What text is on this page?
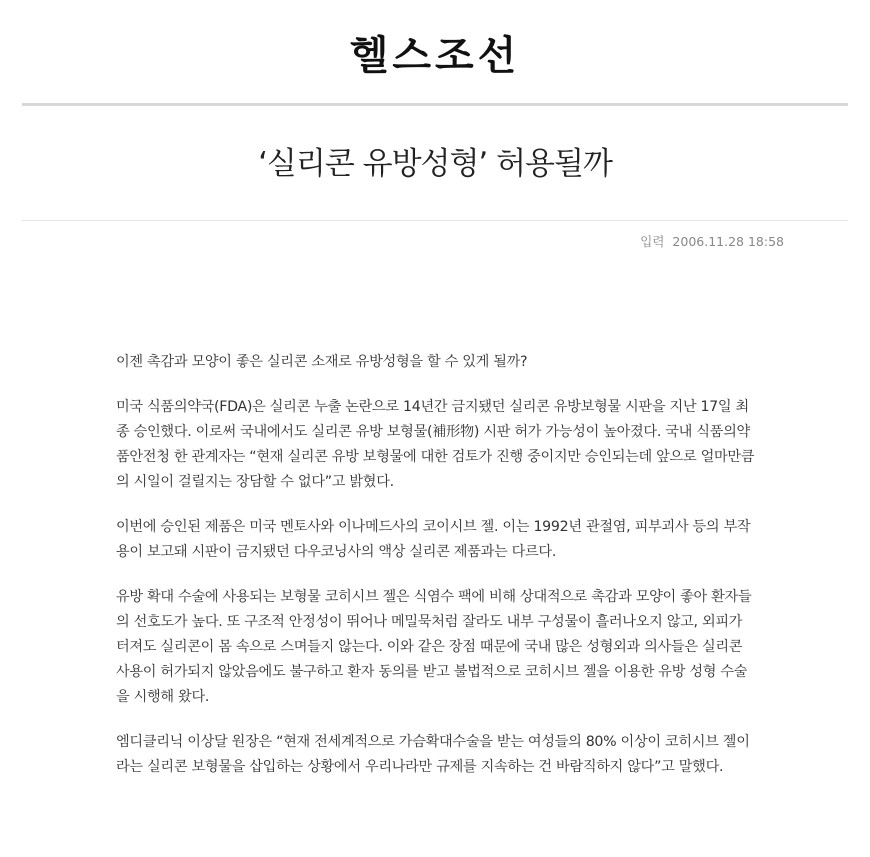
헬스조선
‘실리콘 유방성형’ 허용될까
입력 2006.11.28 18:58

이젠 촉감과 모양이 좋은 실리콘 소재로 유방성형을 할 수 있게 될까?

미국 식품의약국(FDA)은 실리콘 누출 논란으로 14년간 금지됐던 실리콘 유방보형물 시판을 지난 17일 최종 승인했다. 이로써 국내에서도 실리콘 유방 보형물(補形物) 시판 허가 가능성이 높아졌다. 국내 식품의약품안전청 한 관계자는 “현재 실리콘 유방 보형물에 대한 검토가 진행 중이지만 승인되는데 앞으로 얼마만큼의 시일이 걸릴지는 장담할 수 없다”고 밝혔다.

이번에 승인된 제품은 미국 멘토사와 이나메드사의 코이시브 젤. 이는 1992년 관절염, 피부괴사 등의 부작용이 보고돼 시판이 금지됐던 다우코닝사의 액상 실리콘 제품과는 다르다.

유방 확대 수술에 사용되는 보형물 코히시브 젤은 식염수 팩에 비해 상대적으로 촉감과 모양이 좋아 환자들의 선호도가 높다. 또 구조적 안정성이 뛰어나 메밀묵처럼 잘라도 내부 구성물이 흘러나오지 않고, 외피가 터져도 실리콘이 몸 속으로 스며들지 않는다. 이와 같은 장점 때문에 국내 많은 성형외과 의사들은 실리콘 사용이 허가되지 않았음에도 불구하고 환자 동의를 받고 불법적으로 코히시브 젤을 이용한 유방 성형 수술을 시행해 왔다.

엠디클리닉 이상달 원장은 “현재 전세계적으로 가슴확대수술을 받는 여성들의 80% 이상이 코히시브 젤이라는 실리콘 보형물을 삽입하는 상황에서 우리나라만 규제를 지속하는 건 바람직하지 않다”고 말했다.
